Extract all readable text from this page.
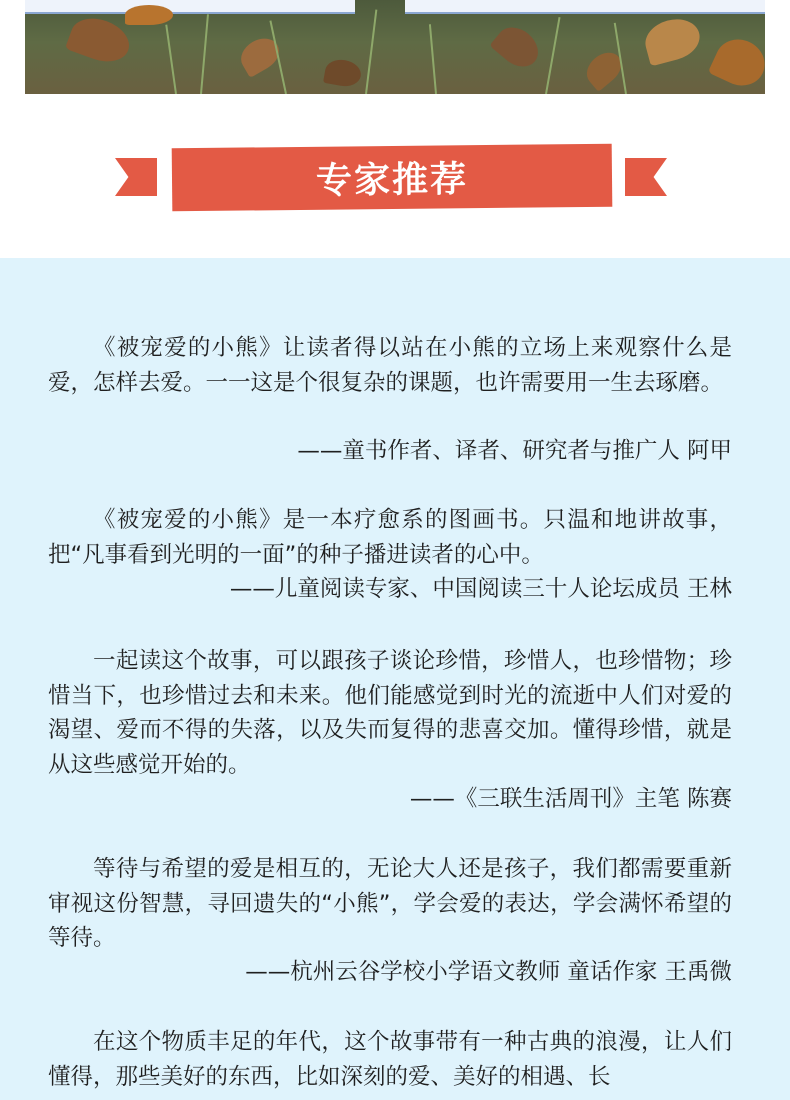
专家推荐

《被宠爱的小熊》让读者得以站在小熊的立场上来观察什么是爱，怎样去爱。一一这是个很复杂的课题，也许需要用一生去琢磨。

——童书作者、译者、研究者与推广人 阿甲

《被宠爱的小熊》是一本疗愈系的图画书。只温和地讲故事，把“凡事看到光明的一面”的种子播进读者的心中。

——儿童阅读专家、中国阅读三十人论坛成员 王林

一起读这个故事，可以跟孩子谈论珍惜，珍惜人，也珍惜物；珍惜当下，也珍惜过去和未来。他们能感觉到时光的流逝中人们对爱的渴望、爱而不得的失落，以及失而复得的悲喜交加。懂得珍惜，就是从这些感觉开始的。

——《三联生活周刊》主笔 陈赛

等待与希望的爱是相互的，无论大人还是孩子，我们都需要重新审视这份智慧，寻回遗失的“小熊”，学会爱的表达，学会满怀希望的等待。

——杭州云谷学校小学语文教师 童话作家 王禹微

在这个物质丰足的年代，这个故事带有一种古典的浪漫，让人们懂得，那些美好的东西，比如深刻的爱、美好的相遇、长
